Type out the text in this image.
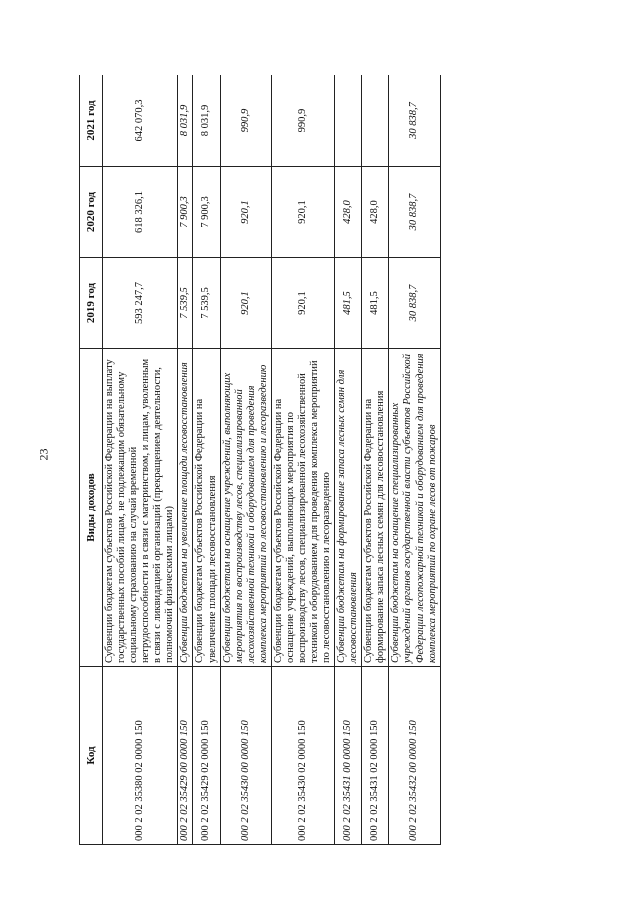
23
Код	Виды доходов	2019 год	2020 год	2021 год
000 2 02 35380 02 0000 150	Субвенции бюджетам субъектов Российской Федерации на выплату государственных пособий лицам, не подлежащим обязательному социальному страхованию на случай временной нетрудоспособности и в связи с материнством, и лицам, уволенным в связи с ликвидацией организаций (прекращением деятельности, полномочий физическими лицами)	593 247,7	618 326,1	642 070,3
000 2 02 35429 00 0000 150	Субвенции бюджетам на увеличение площади лесовосстановления	7 539,5	7 900,3	8 031,9
000 2 02 35429 02 0000 150	Субвенции бюджетам субъектов Российской Федерации на увеличение площади лесовосстановления	7 539,5	7 900,3	8 031,9
000 2 02 35430 00 0000 150	Субвенции бюджетам на оснащение учреждений, выполняющих мероприятия по воспроизводству лесов, специализированной лесохозяйственной техникой и оборудованием для проведения комплекса мероприятий по лесовосстановлению и лесоразведению	920,1	920,1	990,9
000 2 02 35430 02 0000 150	Субвенции бюджетам субъектов Российской Федерации на оснащение учреждений, выполняющих мероприятия по воспроизводству лесов, специализированной лесохозяйственной техникой и оборудованием для проведения комплекса мероприятий по лесовосстановлению и лесоразведению	920,1	920,1	990,9
000 2 02 35431 00 0000 150	Субвенции бюджетам на формирование запаса лесных семян для лесовосстановления	481,5	428,0	
000 2 02 35431 02 0000 150	Субвенции бюджетам субъектов Российской Федерации на формирование запаса лесных семян для лесовосстановления	481,5	428,0	
000 2 02 35432 00 0000 150	Субвенции бюджетам на оснащение специализированных учреждений органов государственной власти субъектов Российской Федерации лесопожарной техникой и оборудованием для проведения комплекса мероприятий по охране лесов от пожаров	30 838,7	30 838,7	30 838,7
